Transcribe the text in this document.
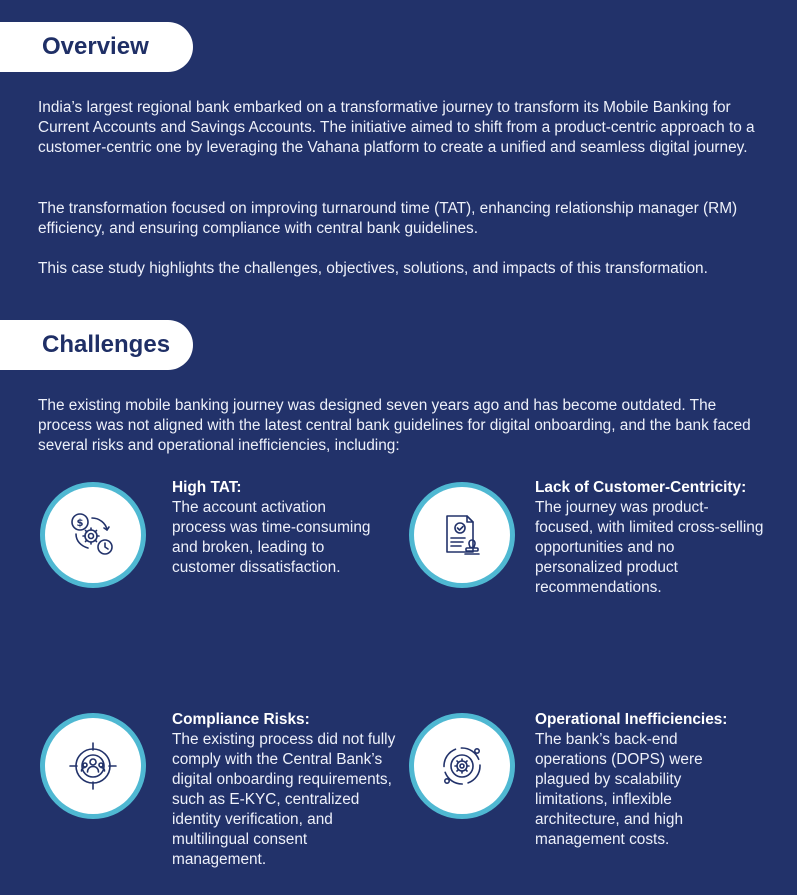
Overview

India’s largest regional bank embarked on a transformative journey to transform its Mobile Banking for Current Accounts and Savings Accounts. The initiative aimed to shift from a product-centric approach to a customer-centric one by leveraging the Vahana platform to create a unified and seamless digital journey.

The transformation focused on improving turnaround time (TAT), enhancing relationship manager (RM) efficiency, and ensuring compliance with central bank guidelines.

This case study highlights the challenges, objectives, solutions, and impacts of this transformation.

Challenges

The existing mobile banking journey was designed seven years ago and has become outdated. The process was not aligned with the latest central bank guidelines for digital onboarding, and the bank faced several risks and operational inefficiencies, including:

$
High TAT:
The account activation process was time-consuming and broken, leading to customer dissatisfaction.
Lack of Customer-Centricity:
The journey was product-focused, with limited cross-selling opportunities and no personalized product recommendations.
Compliance Risks:
The existing process did not fully comply with the Central Bank’s digital onboarding requirements, such as E-KYC, centralized identity verification, and multilingual consent management.
Operational Inefficiencies:
The bank’s back-end operations (DOPS) were plagued by scalability limitations, inflexible architecture, and high management costs.
